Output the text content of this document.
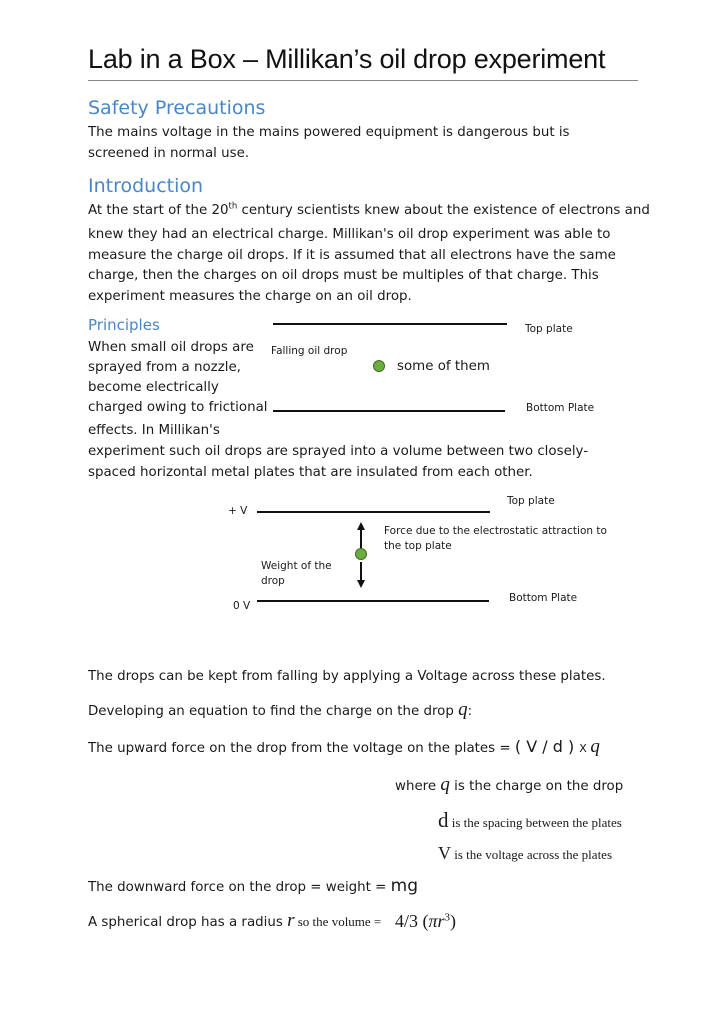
Lab in a Box – Millikan’s oil drop experiment
Safety Precautions
The mains voltage in the mains powered equipment is dangerous but is screened in normal use.
Introduction
At the start of the 20th century scientists knew about the existence of electrons and
knew they had an electrical charge. Millikan's oil drop experiment was able to measure the charge oil drops. If it is assumed that all electrons have the same charge, then the charges on oil drops must be multiples of that charge. This experiment measures the charge on an oil drop.
Principles
When small oil drops are
sprayed from a nozzle,
become electrically
charged owing to frictional
effects. In Millikan's
experiment such oil drops are sprayed into a volume between two closely-spaced horizontal metal plates that are insulated from each other.
Top plate
Falling oil drop
some of them
Bottom Plate
Top plate
+ V
Force due to the electrostatic attraction to the top plate
Weight of the drop
Bottom Plate
0 V
The drops can be kept from falling by applying a Voltage across these plates.
Developing an equation to find the charge on the drop q:
The upward force on the drop from the voltage on the plates = ( V / d ) X q
where q is the charge on the drop
d is the spacing between the plates
V is the voltage across the plates
The downward force on the drop = weight = mg
A spherical drop has a radius r so the volume = 4/3 $(\pi r^3)$
